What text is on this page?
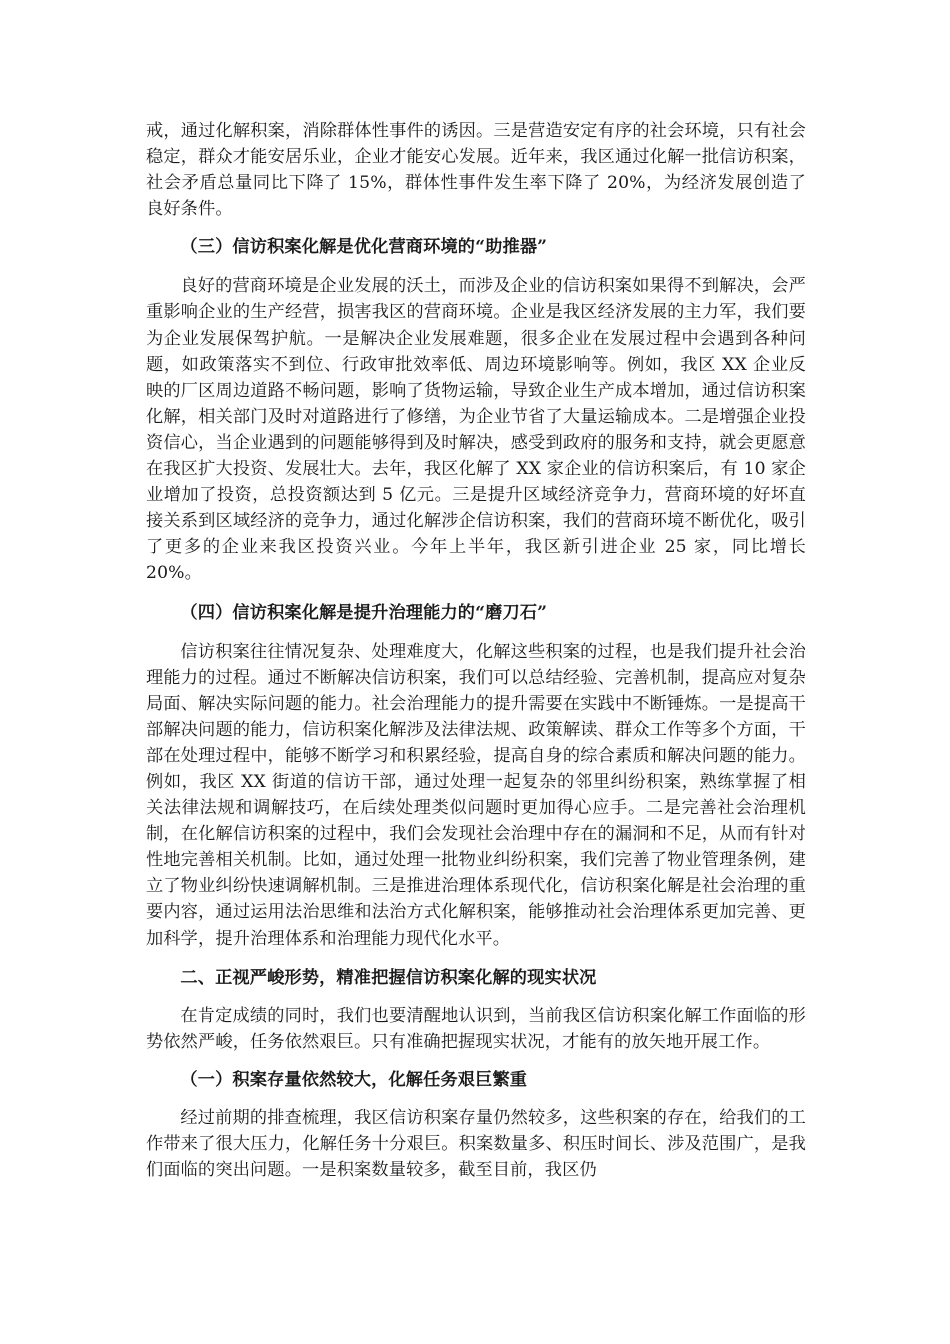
戒，通过化解积案，消除群体性事件的诱因。三是营造安定有序的社会环境，只有社会稳定，群众才能安居乐业，企业才能安心发展。近年来，我区通过化解一批信访积案，社会矛盾总量同比下降了 15%，群体性事件发生率下降了 20%，为经济发展创造了良好条件。

（三）信访积案化解是优化营商环境的“助推器”

良好的营商环境是企业发展的沃土，而涉及企业的信访积案如果得不到解决，会严重影响企业的生产经营，损害我区的营商环境。企业是我区经济发展的主力军，我们要为企业发展保驾护航。一是解决企业发展难题，很多企业在发展过程中会遇到各种问题，如政策落实不到位、行政审批效率低、周边环境影响等。例如，我区 XX 企业反映的厂区周边道路不畅问题，影响了货物运输，导致企业生产成本增加，通过信访积案化解，相关部门及时对道路进行了修缮，为企业节省了大量运输成本。二是增强企业投资信心，当企业遇到的问题能够得到及时解决，感受到政府的服务和支持，就会更愿意在我区扩大投资、发展壮大。去年，我区化解了 XX 家企业的信访积案后，有 10 家企业增加了投资，总投资额达到 5 亿元。三是提升区域经济竞争力，营商环境的好坏直接关系到区域经济的竞争力，通过化解涉企信访积案，我们的营商环境不断优化，吸引了更多的企业来我区投资兴业。今年上半年，我区新引进企业 25 家，同比增长 20%。

（四）信访积案化解是提升治理能力的“磨刀石”

信访积案往往情况复杂、处理难度大，化解这些积案的过程，也是我们提升社会治理能力的过程。通过不断解决信访积案，我们可以总结经验、完善机制，提高应对复杂局面、解决实际问题的能力。社会治理能力的提升需要在实践中不断锤炼。一是提高干部解决问题的能力，信访积案化解涉及法律法规、政策解读、群众工作等多个方面，干部在处理过程中，能够不断学习和积累经验，提高自身的综合素质和解决问题的能力。例如，我区 XX 街道的信访干部，通过处理一起复杂的邻里纠纷积案，熟练掌握了相关法律法规和调解技巧，在后续处理类似问题时更加得心应手。二是完善社会治理机制，在化解信访积案的过程中，我们会发现社会治理中存在的漏洞和不足，从而有针对性地完善相关机制。比如，通过处理一批物业纠纷积案，我们完善了物业管理条例，建立了物业纠纷快速调解机制。三是推进治理体系现代化，信访积案化解是社会治理的重要内容，通过运用法治思维和法治方式化解积案，能够推动社会治理体系更加完善、更加科学，提升治理体系和治理能力现代化水平。

二、正视严峻形势，精准把握信访积案化解的现实状况

在肯定成绩的同时，我们也要清醒地认识到，当前我区信访积案化解工作面临的形势依然严峻，任务依然艰巨。只有准确把握现实状况，才能有的放矢地开展工作。

（一）积案存量依然较大，化解任务艰巨繁重

经过前期的排查梳理，我区信访积案存量仍然较多，这些积案的存在，给我们的工作带来了很大压力，化解任务十分艰巨。积案数量多、积压时间长、涉及范围广，是我们面临的突出问题。一是积案数量较多，截至目前，我区仍
